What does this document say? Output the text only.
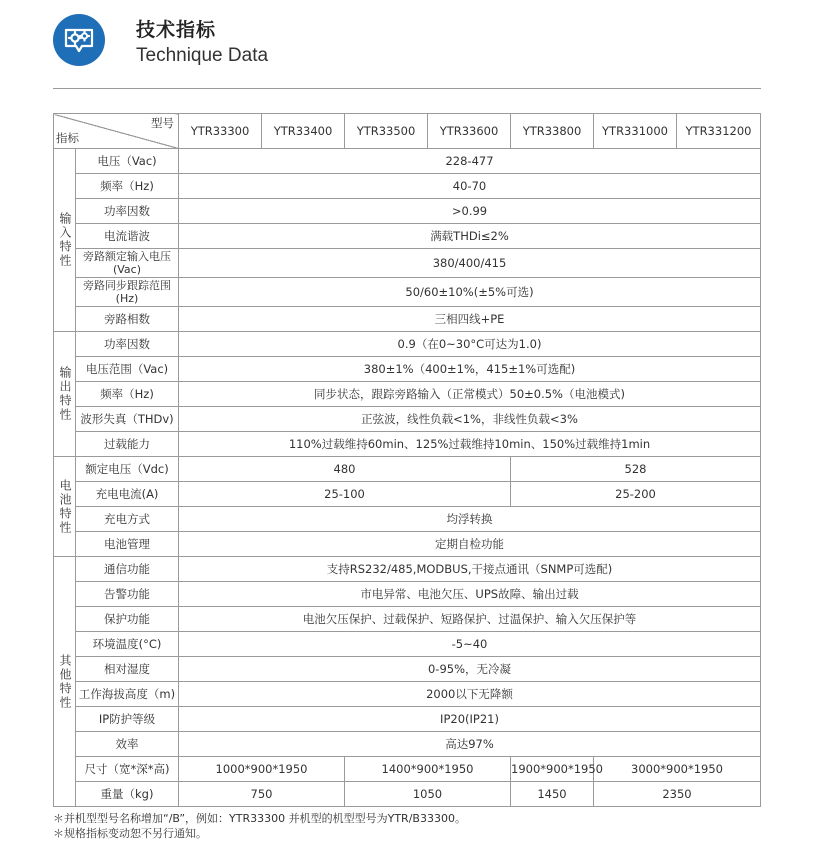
技术指标
Technique Data
型号
指标		YTR33300	YTR33400	YTR33500	YTR33600	YTR33800	YTR331000	YTR331200
输入特性	电压（Vac)	228-477						
	频率（Hz)	40-70						
	功率因数	>0.99						
	电流谐波	满载THDi≤2%						
	旁路额定输入电压(Vac)	380/400/415						
	旁路同步跟踪范围(Hz)	50/60±10%(±5%可选)						
	旁路相数	三相四线+PE						
输出特性	功率因数	0.9（在0~30°C可达为1.0)						
	电压范围（Vac)	380±1%（400±1%，415±1%可选配)						
	频率（Hz)	同步状态，跟踪旁路输入（正常模式）50±0.5%（电池模式)						
	波形失真（THDv)	正弦波，线性负载<1%，非线性负载<3%						
	过载能力	110%过载维持60min、125%过载维持10min、150%过载维持1min						
电池特性	额定电压（Vdc)	480				528		
	充电电流(A)	25-100				25-200		
	充电方式	均浮转换						
	电池管理	定期自检功能						
其他特性	通信功能	支持RS232/485,MODBUS,干接点通讯（SNMP可选配)						
	告警功能	市电异常、电池欠压、UPS故障、输出过载						
	保护功能	电池欠压保护、过载保护、短路保护、过温保护、输入欠压保护等						
	环境温度(°C)	-5~40						
	相对湿度	0-95%，无冷凝						
	工作海拔高度（m)	2000以下无降额						
	IP防护等级	IP20(IP21)						
	效率	高达97%						
	尺寸（宽*深*高)	1000*900*1950		1400*900*1950		1900*900*1950	3000*900*1950	
	重量（kg)	750		1050		1450	2350	
＊并机型型号名称增加“/B”，例如：YTR33300 并机型的机型型号为YTR/B33300。
＊规格指标变动恕不另行通知。
